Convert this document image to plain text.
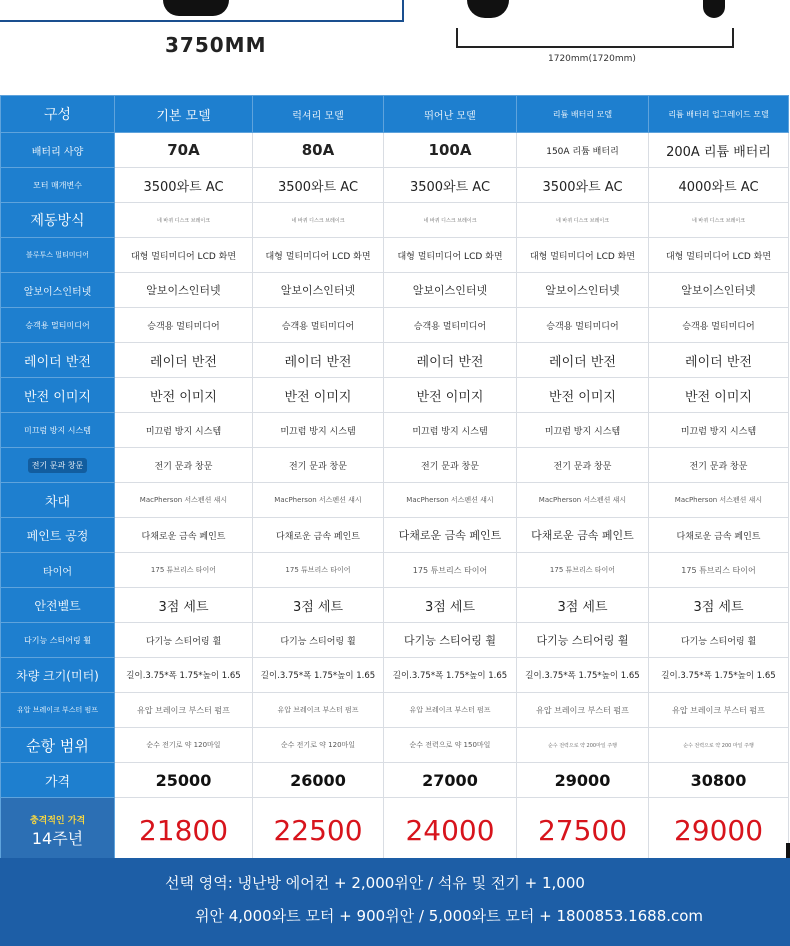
3750MM
1720mm(1720mm)
구성	기본 모델	럭셔리 모델	뛰어난 모델	리튬 배터리 모델	리튬 배터리 업그레이드 모델
배터리 사양	70A	80A	100A	150A 리튬 배터리	200A 리튬 배터리
모터 매개변수	3500와트 AC	3500와트 AC	3500와트 AC	3500와트 AC	4000와트 AC
제동방식	네 바퀴 디스크 브레이크	네 바퀴 디스크 브레이크	네 바퀴 디스크 브레이크	네 바퀴 디스크 브레이크	네 바퀴 디스크 브레이크
블루투스 멀티미디어	대형 멀티미디어 LCD 화면	대형 멀티미디어 LCD 화면	대형 멀티미디어 LCD 화면	대형 멀티미디어 LCD 화면	대형 멀티미디어 LCD 화면
알보이스인터넷	알보이스인터넷	알보이스인터넷	알보이스인터넷	알보이스인터넷	알보이스인터넷
승객용 멀티미디어	승객용 멀티미디어	승객용 멀티미디어	승객용 멀티미디어	승객용 멀티미디어	승객용 멀티미디어
레이더 반전	레이더 반전	레이더 반전	레이더 반전	레이더 반전	레이더 반전
반전 이미지	반전 이미지	반전 이미지	반전 이미지	반전 이미지	반전 이미지
미끄럼 방지 시스템	미끄럼 방지 시스템	미끄럼 방지 시스템	미끄럼 방지 시스템	미끄럼 방지 시스템	미끄럼 방지 시스템
전기 문과 창문	전기 문과 창문	전기 문과 창문	전기 문과 창문	전기 문과 창문	전기 문과 창문
차대	MacPherson 서스펜션 섀시	MacPherson 서스펜션 섀시	MacPherson 서스펜션 섀시	MacPherson 서스펜션 섀시	MacPherson 서스펜션 섀시
페인트 공정	다채로운 금속 페인트	다채로운 금속 페인트	다채로운 금속 페인트	다채로운 금속 페인트	다채로운 금속 페인트
타이어	175 튜브리스 타이어	175 튜브리스 타이어	175 튜브리스 타이어	175 튜브리스 타이어	175 튜브리스 타이어
안전벨트	3점 세트	3점 세트	3점 세트	3점 세트	3점 세트
다기능 스티어링 휠	다기능 스티어링 휠	다기능 스티어링 휠	다기능 스티어링 휠	다기능 스티어링 휠	다기능 스티어링 휠
차량 크기(미터)	길이.3.75*폭 1.75*높이 1.65	길이.3.75*폭 1.75*높이 1.65	길이.3.75*폭 1.75*높이 1.65	길이.3.75*폭 1.75*높이 1.65	길이.3.75*폭 1.75*높이 1.65
유압 브레이크 부스터 펌프	유압 브레이크 부스터 펌프	유압 브레이크 부스터 펌프	유압 브레이크 부스터 펌프	유압 브레이크 부스터 펌프	유압 브레이크 부스터 펌프
순항 범위	순수 전기로 약 120마일	순수 전기로 약 120마일	순수 전력으로 약 150마일	순수 전력으로 약 200마일 주행	순수 전력으로 약 200 마일 주행
가격	25000	26000	27000	29000	30800

충격적인 가격
14주년	21800	22500	24000	27500	29000
선택 영역: 냉난방 에어컨 + 2,000위안 / 석유 및 전기 + 1,000
위안 4,000와트 모터 + 900위안 / 5,000와트 모터 + 1800853.1688.com
